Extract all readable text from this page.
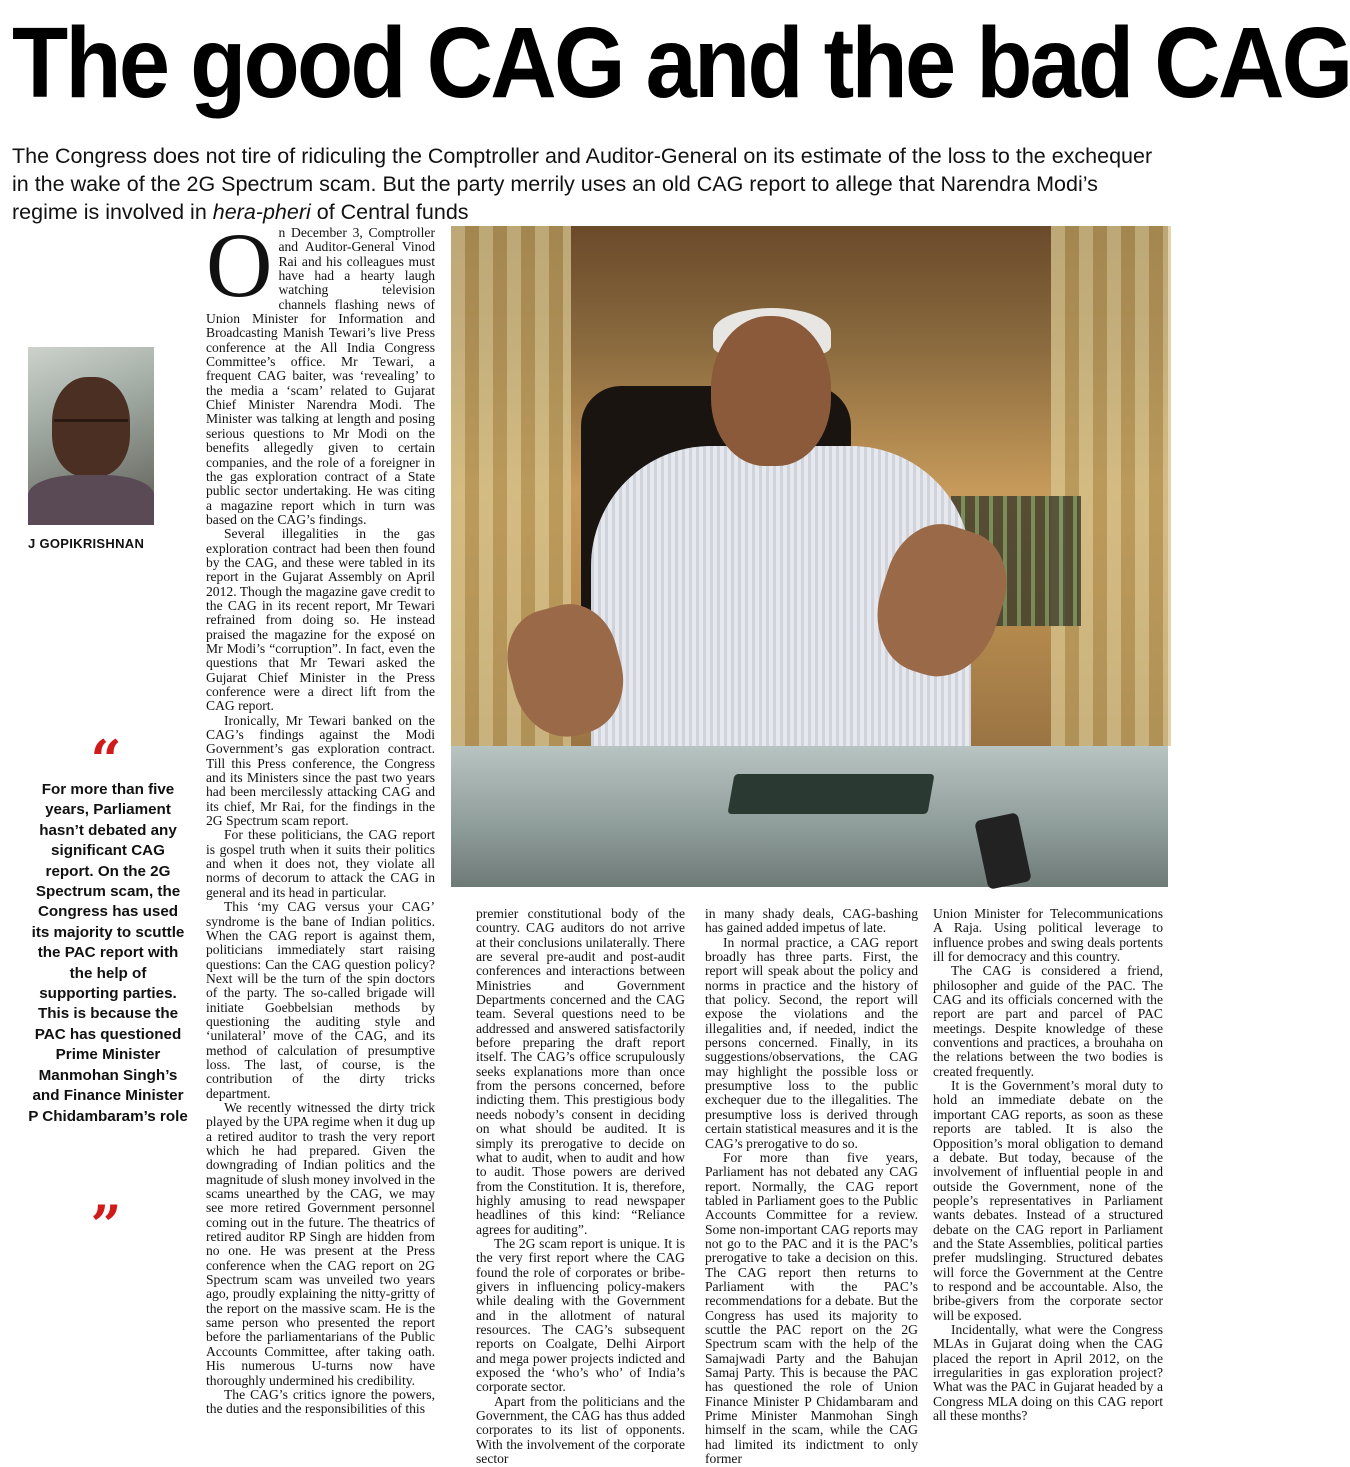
The good CAG and the bad CAG
The Congress does not tire of ridiculing the Comptroller and Auditor-General on its estimate of the loss to the exchequer in the wake of the 2G Spectrum scam. But the party merrily uses an old CAG report to allege that Narendra Modi’s regime is involved in hera-pheri of Central funds
J GOPIKRISHNAN
“
For more than five years, Parliament hasn’t debated any significant CAG report. On the 2G Spectrum scam, the Congress has used its majority to scuttle the PAC report with the help of supporting parties. This is because the PAC has questioned Prime Minister Manmohan Singh’s and Finance Minister P Chidambaram’s role
”

On December 3, Comptroller and Auditor-General Vinod Rai and his colleagues must have had a hearty laugh watching television channels flashing news of Union Minister for Information and Broadcasting Manish Tewari’s live Press conference at the All India Congress Committee’s office. Mr Tewari, a frequent CAG baiter, was ‘revealing’ to the media a ‘scam’ related to Gujarat Chief Minister Narendra Modi. The Minister was talking at length and posing serious questions to Mr Modi on the benefits allegedly given to certain companies, and the role of a foreigner in the gas exploration contract of a State public sector undertaking. He was citing a magazine report which in turn was based on the CAG’s findings.

Several illegalities in the gas exploration contract had been then found by the CAG, and these were tabled in its report in the Gujarat Assembly on April 2012. Though the magazine gave credit to the CAG in its recent report, Mr Tewari refrained from doing so. He instead praised the magazine for the exposé on Mr Modi’s “corruption”. In fact, even the questions that Mr Tewari asked the Gujarat Chief Minister in the Press conference were a direct lift from the CAG report.

Ironically, Mr Tewari banked on the CAG’s findings against the Modi Government’s gas exploration contract. Till this Press conference, the Congress and its Ministers since the past two years had been mercilessly attacking CAG and its chief, Mr Rai, for the findings in the 2G Spectrum scam report.

For these politicians, the CAG report is gospel truth when it suits their politics and when it does not, they violate all norms of decorum to attack the CAG in general and its head in particular.

This ‘my CAG versus your CAG’ syndrome is the bane of Indian politics. When the CAG report is against them, politicians immediately start raising questions: Can the CAG question policy? Next will be the turn of the spin doctors of the party. The so-called brigade will initiate Goebbelsian methods by questioning the auditing style and ‘unilateral’ move of the CAG, and its method of calculation of presumptive loss. The last, of course, is the contribution of the dirty tricks department.

We recently witnessed the dirty trick played by the UPA regime when it dug up a retired auditor to trash the very report which he had prepared. Given the downgrading of Indian politics and the magnitude of slush money involved in the scams unearthed by the CAG, we may see more retired Government personnel coming out in the future. The theatrics of retired auditor RP Singh are hidden from no one. He was present at the Press conference when the CAG report on 2G Spectrum scam was unveiled two years ago, proudly explaining the nitty-gritty of the report on the massive scam. He is the same person who presented the report before the parliamentarians of the Public Accounts Committee, after taking oath. His numerous U-turns now have thoroughly undermined his credibility.

The CAG’s critics ignore the powers, the duties and the responsibilities of this

premier constitutional body of the country. CAG auditors do not arrive at their conclusions unilaterally. There are several pre-audit and post-audit conferences and interactions between Ministries and Government Departments concerned and the CAG team. Several questions need to be addressed and answered satisfactorily before preparing the draft report itself. The CAG’s office scrupulously seeks explanations more than once from the persons concerned, before indicting them. This prestigious body needs nobody’s consent in deciding on what should be audited. It is simply its prerogative to decide on what to audit, when to audit and how to audit. Those powers are derived from the Constitution. It is, therefore, highly amusing to read newspaper headlines of this kind: “Reliance agrees for auditing”.

The 2G scam report is unique. It is the very first report where the CAG found the role of corporates or bribe-givers in influencing policy-makers while dealing with the Government and in the allotment of natural resources. The CAG’s subsequent reports on Coalgate, Delhi Airport and mega power projects indicted and exposed the ‘who’s who’ of India’s corporate sector.

Apart from the politicians and the Government, the CAG has thus added corporates to its list of opponents. With the involvement of the corporate sector

in many shady deals, CAG-bashing has gained added impetus of late.

In normal practice, a CAG report broadly has three parts. First, the report will speak about the policy and norms in practice and the history of that policy. Second, the report will expose the violations and the illegalities and, if needed, indict the persons concerned. Finally, in its suggestions/observations, the CAG may highlight the possible loss or presumptive loss to the public exchequer due to the illegalities. The presumptive loss is derived through certain statistical measures and it is the CAG’s prerogative to do so.

For more than five years, Parliament has not debated any CAG report. Normally, the CAG report tabled in Parliament goes to the Public Accounts Committee for a review. Some non-important CAG reports may not go to the PAC and it is the PAC’s prerogative to take a decision on this. The CAG report then returns to Parliament with the PAC’s recommendations for a debate. But the Congress has used its majority to scuttle the PAC report on the 2G Spectrum scam with the help of the Samajwadi Party and the Bahujan Samaj Party. This is because the PAC has questioned the role of Union Finance Minister P Chidambaram and Prime Minister Manmohan Singh himself in the scam, while the CAG had limited its indictment to only former

Union Minister for Telecommunications A Raja. Using political leverage to influence probes and swing deals portents ill for democracy and this country.

The CAG is considered a friend, philosopher and guide of the PAC. The CAG and its officials concerned with the report are part and parcel of PAC meetings. Despite knowledge of these conventions and practices, a brouhaha on the relations between the two bodies is created frequently.

It is the Government’s moral duty to hold an immediate debate on the important CAG reports, as soon as these reports are tabled. It is also the Opposition’s moral obligation to demand a debate. But today, because of the involvement of influential people in and outside the Government, none of the people’s representatives in Parliament wants debates. Instead of a structured debate on the CAG report in Parliament and the State Assemblies, political parties prefer mudslinging. Structured debates will force the Government at the Centre to respond and be accountable. Also, the bribe-givers from the corporate sector will be exposed.

Incidentally, what were the Congress MLAs in Gujarat doing when the CAG placed the report in April 2012, on the irregularities in gas exploration project? What was the PAC in Gujarat headed by a Congress MLA doing on this CAG report all these months?
